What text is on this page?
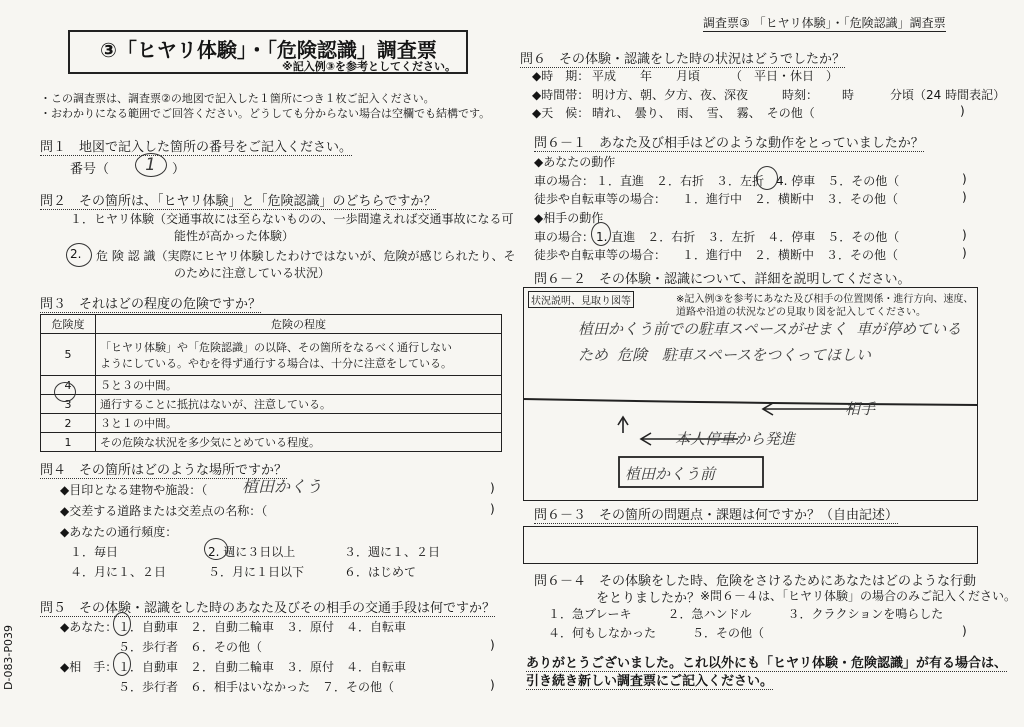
③「ヒヤリ体験」・「危険認識」調査票
※記入例③を参考としてください。
・この調査票は、調査票②の地図で記入した１箇所につき１枚ご記入ください。
・おわかりになる範囲でご回答ください。どうしても分からない場合は空欄でも結構です。
問１　地図で記入した箇所の番号をご記入ください。
番号（ 1 ）
問２　その箇所は、「ヒヤリ体験」と「危険認識」のどちらですか？
１．ヒヤリ体験（交通事故には至らないものの、一歩間違えれば交通事故になる可
能性が高かった体験）
2. 危 険 認 識（実際にヒヤリ体験したわけではないが、危険が感じられたり、そ
のために注意している状況）
問３　それはどの程度の危険ですか？
危険度	危険の程度
5	「ヒヤリ体験」や「危険認識」の以降、その箇所をなるべく通行しない
ようにしている。やむを得ず通行する場合は、十分に注意をしている。

4	５と３の中間。
3	通行することに抵抗はないが、注意している。
2	３と１の中間。
1	その危険な状況を多少気にとめている程度。
問４　その箇所はどのような場所ですか？
◆目印となる建物や施設：（ 植田かくう	)
◆交差する道路または交差点の名称：（	)
◆あなたの通行頻度：
１．毎日	2. 週に３日以上	３．週に１、２日
４．月に１、２日	５．月に１日以下	６．はじめて
問５　その体験・認識をした時のあなた及びその相手の交通手段は何ですか？
◆あなた： １．自動車　２．自動二輪車　３．原付　４．自転車
５．歩行者　６．その他（	)
◆相　手： １．自動車　２．自動二輪車　３．原付　４．自転車
５．歩行者　６．相手はいなかった　７．その他（	)
D-083-P039
調査票③ 「ヒヤリ体験」・「危険認識」調査票
問６　その体験・認識をした時の状況はどうでしたか？
◆時　期： 平成　　年　　月頃 （　平日・休日　）
◆時間帯： 明け方、朝、夕方、夜、深夜	時刻： 時　　　分頃（24 時間表記）
◆天　候： 晴れ、　曇り、　雨、　雪、　霧、　その他（	)
問６－１　あなた及び相手はどのような動作をとっていましたか？
◆あなたの動作
車の場合： １．直進　２．右折　３．左折　4. 停車　５．その他（	)
徒歩や自転車等の場合： １．進行中　２．横断中　３．その他（	)
◆相手の動作
車の場合： 1. 直進　２．右折　３．左折　４．停車　５．その他（	)
徒歩や自転車等の場合： １．進行中　２．横断中　３．その他（	)
問６－２　その体験・認識について、詳細を説明してください。
状況説明、見取り図等	※記入例③を参考にあなた及び相手の位置関係・進行方向、速度、
道路や沿道の状況などの見取り図を記入してください。
植田かくう前での駐車スペースがせまく 車が停めている
ため 危険　駐車スペースをつくってほしい
相手
本人停車から発進
植田かくう前
問６－３　その箇所の問題点・課題は何ですか？（自由記述）
問６－４　その体験をした時、危険をさけるためにあなたはどのような行動
をとりましたか？ ※問６－４は、「ヒヤリ体験」の場合のみご記入ください。
１．急ブレーキ　　　２．急ハンドル　　　３．クラクションを鳴らした
４．何もしなかった　　　５．その他（	)
ありがとうございました。これ以外にも「ヒヤリ体験・危険認識」が有る場合は、
引き続き新しい調査票にご記入ください。
